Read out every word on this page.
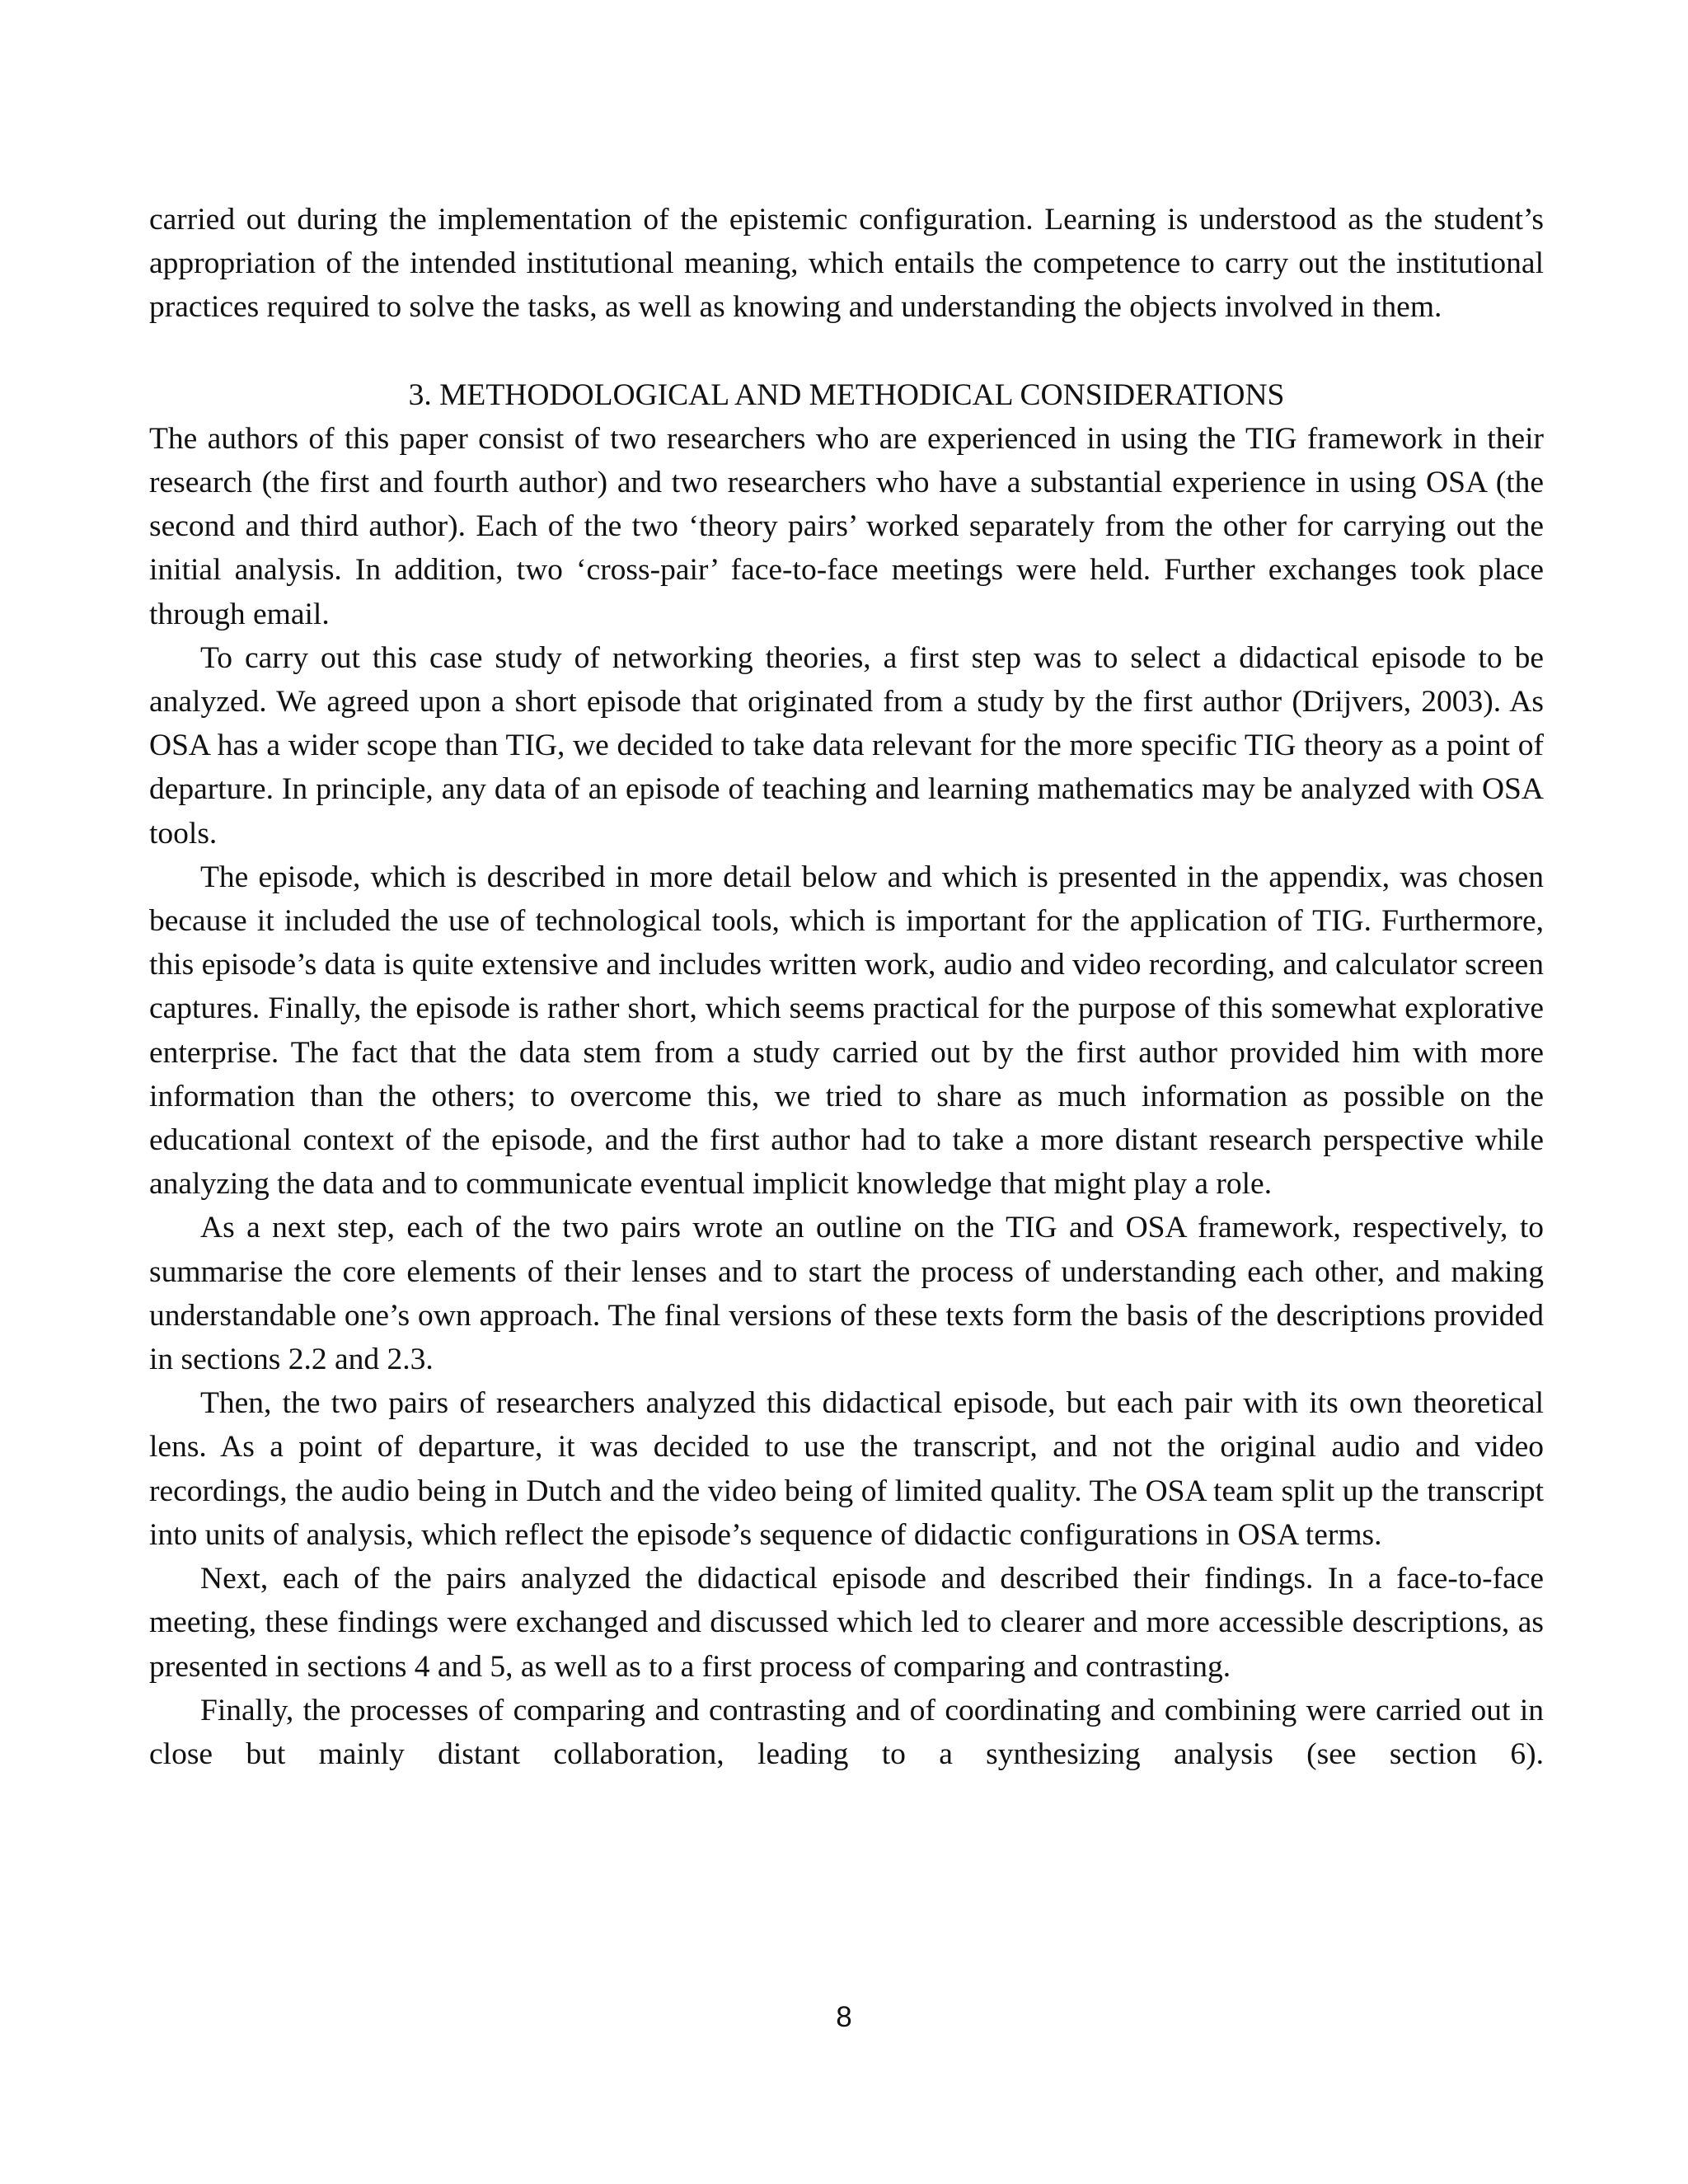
carried out during the implementation of the epistemic configuration. Learning is understood as the student’s appropriation of the intended institutional meaning, which entails the competence to carry out the institutional practices required to solve the tasks, as well as knowing and understanding the objects involved in them.

3. METHODOLOGICAL AND METHODICAL CONSIDERATIONS

The authors of this paper consist of two researchers who are experienced in using the TIG framework in their research (the first and fourth author) and two researchers who have a substantial experience in using OSA (the second and third author). Each of the two ‘theory pairs’ worked separately from the other for carrying out the initial analysis. In addition, two ‘cross-pair’ face-to-face meetings were held. Further exchanges took place through email.

To carry out this case study of networking theories, a first step was to select a didactical episode to be analyzed. We agreed upon a short episode that originated from a study by the first author (Drijvers, 2003). As OSA has a wider scope than TIG, we decided to take data relevant for the more specific TIG theory as a point of departure. In principle, any data of an episode of teaching and learning mathematics may be analyzed with OSA tools.

The episode, which is described in more detail below and which is presented in the appendix, was chosen because it included the use of technological tools, which is important for the application of TIG. Furthermore, this episode’s data is quite extensive and includes written work, audio and video recording, and calculator screen captures. Finally, the episode is rather short, which seems practical for the purpose of this somewhat explorative enterprise. The fact that the data stem from a study carried out by the first author provided him with more information than the others; to overcome this, we tried to share as much information as possible on the educational context of the episode, and the first author had to take a more distant research perspective while analyzing the data and to communicate eventual implicit knowledge that might play a role.

As a next step, each of the two pairs wrote an outline on the TIG and OSA framework, respectively, to summarise the core elements of their lenses and to start the process of understanding each other, and making understandable one’s own approach. The final versions of these texts form the basis of the descriptions provided in sections 2.2 and 2.3.

Then, the two pairs of researchers analyzed this didactical episode, but each pair with its own theoretical lens. As a point of departure, it was decided to use the transcript, and not the original audio and video recordings, the audio being in Dutch and the video being of limited quality. The OSA team split up the transcript into units of analysis, which reflect the episode’s sequence of didactic configurations in OSA terms.

Next, each of the pairs analyzed the didactical episode and described their findings. In a face-to-face meeting, these findings were exchanged and discussed which led to clearer and more accessible descriptions, as presented in sections 4 and 5, as well as to a first process of comparing and contrasting.

Finally, the processes of comparing and contrasting and of coordinating and combining were carried out in close but mainly distant collaboration, leading to a synthesizing analysis (see section 6).

8
